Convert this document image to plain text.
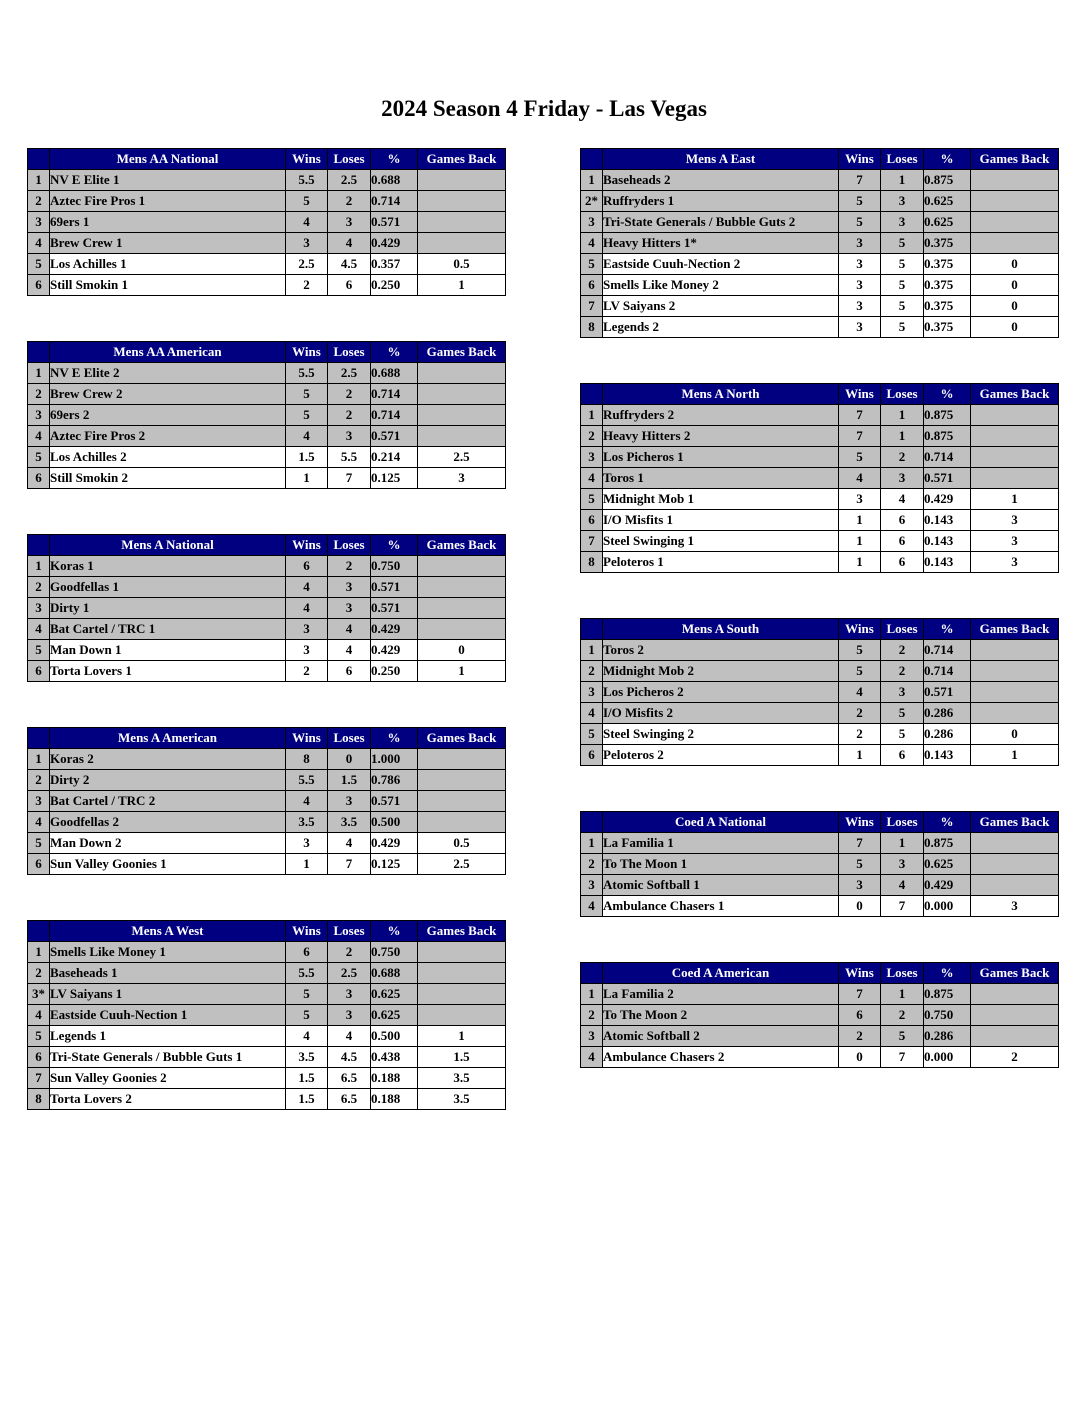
2024 Season 4 Friday - Las Vegas
	Mens AA National	Wins	Loses	%	Games Back
1	NV E Elite 1	5.5	2.5	0.688	
2	Aztec Fire Pros 1	5	2	0.714	
3	69ers 1	4	3	0.571	
4	Brew Crew 1	3	4	0.429	
5	Los Achilles 1	2.5	4.5	0.357	0.5
6	Still Smokin 1	2	6	0.250	1
	Mens AA American	Wins	Loses	%	Games Back
1	NV E Elite 2	5.5	2.5	0.688	
2	Brew Crew 2	5	2	0.714	
3	69ers 2	5	2	0.714	
4	Aztec Fire Pros 2	4	3	0.571	
5	Los Achilles 2	1.5	5.5	0.214	2.5
6	Still Smokin 2	1	7	0.125	3
	Mens A National	Wins	Loses	%	Games Back
1	Koras 1	6	2	0.750	
2	Goodfellas 1	4	3	0.571	
3	Dirty 1	4	3	0.571	
4	Bat Cartel / TRC 1	3	4	0.429	
5	Man Down 1	3	4	0.429	0
6	Torta Lovers 1	2	6	0.250	1
	Mens A American	Wins	Loses	%	Games Back
1	Koras 2	8	0	1.000	
2	Dirty 2	5.5	1.5	0.786	
3	Bat Cartel / TRC 2	4	3	0.571	
4	Goodfellas 2	3.5	3.5	0.500	
5	Man Down 2	3	4	0.429	0.5
6	Sun Valley Goonies 1	1	7	0.125	2.5
	Mens A West	Wins	Loses	%	Games Back
1	Smells Like Money 1	6	2	0.750	
2	Baseheads 1	5.5	2.5	0.688	
3*	LV Saiyans 1	5	3	0.625	
4	Eastside Cuuh-Nection 1	5	3	0.625	
5	Legends 1	4	4	0.500	1
6	Tri-State Generals / Bubble Guts 1	3.5	4.5	0.438	1.5
7	Sun Valley Goonies 2	1.5	6.5	0.188	3.5
8	Torta Lovers 2	1.5	6.5	0.188	3.5
	Mens A East	Wins	Loses	%	Games Back
1	Baseheads 2	7	1	0.875	
2*	Ruffryders 1	5	3	0.625	
3	Tri-State Generals / Bubble Guts 2	5	3	0.625	
4	Heavy Hitters 1*	3	5	0.375	
5	Eastside Cuuh-Nection 2	3	5	0.375	0
6	Smells Like Money 2	3	5	0.375	0
7	LV Saiyans 2	3	5	0.375	0
8	Legends 2	3	5	0.375	0
	Mens A North	Wins	Loses	%	Games Back
1	Ruffryders 2	7	1	0.875	
2	Heavy Hitters 2	7	1	0.875	
3	Los Picheros 1	5	2	0.714	
4	Toros 1	4	3	0.571	
5	Midnight Mob 1	3	4	0.429	1
6	I/O Misfits 1	1	6	0.143	3
7	Steel Swinging 1	1	6	0.143	3
8	Peloteros 1	1	6	0.143	3
	Mens A South	Wins	Loses	%	Games Back
1	Toros 2	5	2	0.714	
2	Midnight Mob 2	5	2	0.714	
3	Los Picheros 2	4	3	0.571	
4	I/O Misfits 2	2	5	0.286	
5	Steel Swinging 2	2	5	0.286	0
6	Peloteros 2	1	6	0.143	1
	Coed A National	Wins	Loses	%	Games Back
1	La Familia 1	7	1	0.875	
2	To The Moon 1	5	3	0.625	
3	Atomic Softball 1	3	4	0.429	
4	Ambulance Chasers 1	0	7	0.000	3
	Coed A American	Wins	Loses	%	Games Back
1	La Familia 2	7	1	0.875	
2	To The Moon 2	6	2	0.750	
3	Atomic Softball 2	2	5	0.286	
4	Ambulance Chasers 2	0	7	0.000	2
